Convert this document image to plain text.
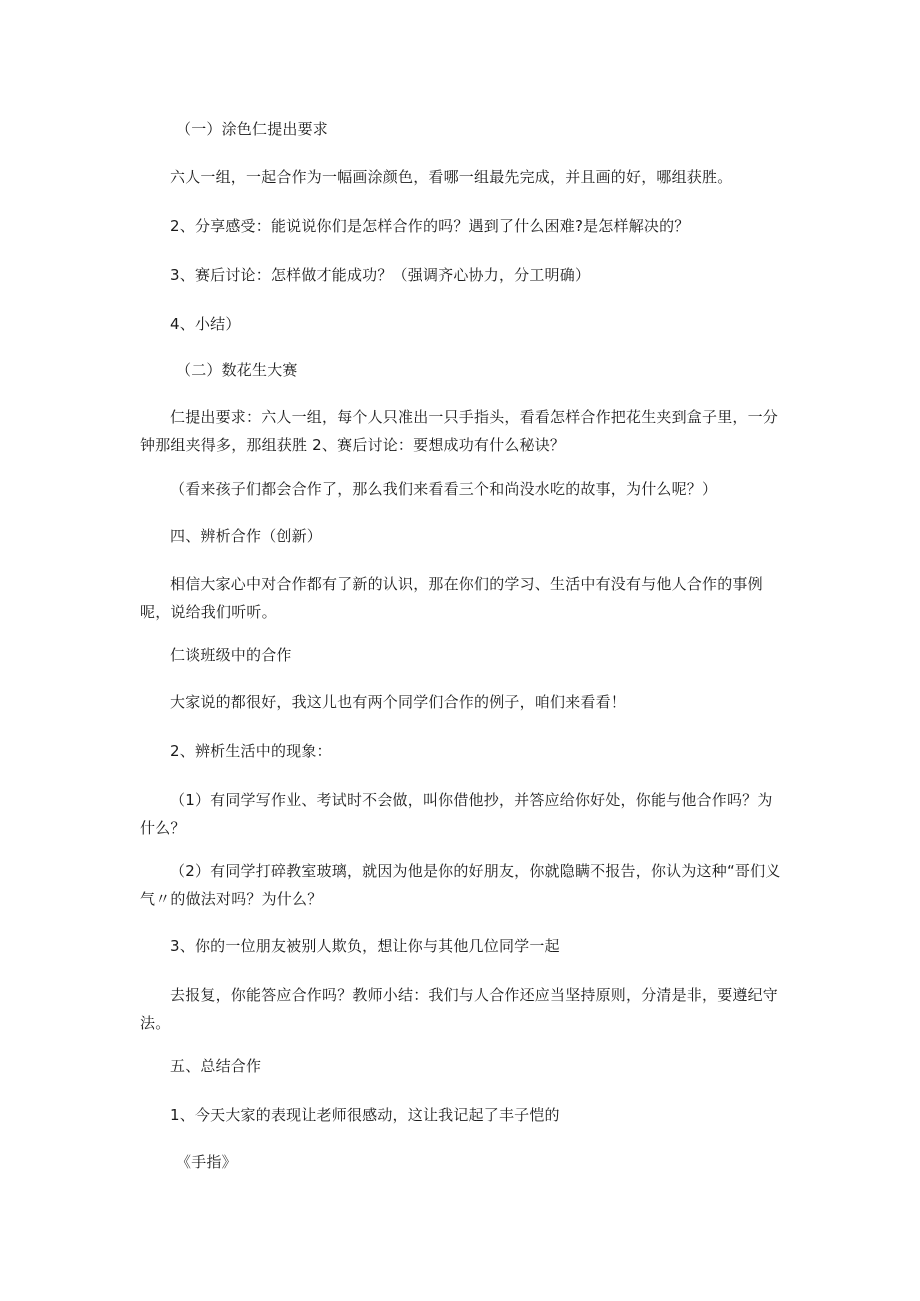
（一）涂色仁提出要求

六人一组，一起合作为一幅画涂颜色，看哪一组最先完成，并且画的好，哪组获胜。

2、分享感受：能说说你们是怎样合作的吗？遇到了什么困难?是怎样解决的？

3、赛后讨论：怎样做才能成功？（强调齐心协力，分工明确）

4、小结）

（二）数花生大赛

仁提出要求：六人一组，每个人只准出一只手指头，看看怎样合作把花生夹到盒子里，一分钟那组夹得多，那组获胜 2、赛后讨论：要想成功有什么秘诀？

（看来孩子们都会合作了，那么我们来看看三个和尚没水吃的故事，为什么呢？）

四、辨析合作（创新）

相信大家心中对合作都有了新的认识，那在你们的学习、生活中有没有与他人合作的事例呢，说给我们听听。

仁谈班级中的合作

大家说的都很好，我这儿也有两个同学们合作的例子，咱们来看看！

2、辨析生活中的现象：

（1）有同学写作业、考试时不会做，叫你借他抄，并答应给你好处，你能与他合作吗？为什么？

（2）有同学打碎教室玻璃，就因为他是你的好朋友，你就隐瞒不报告，你认为这种“哥们义气〃的做法对吗？为什么？

3、你的一位朋友被别人欺负，想让你与其他几位同学一起

去报复，你能答应合作吗？教师小结：我们与人合作还应当坚持原则，分清是非，要遵纪守法。

五、总结合作

1、今天大家的表现让老师很感动，这让我记起了丰子恺的

《手指》
